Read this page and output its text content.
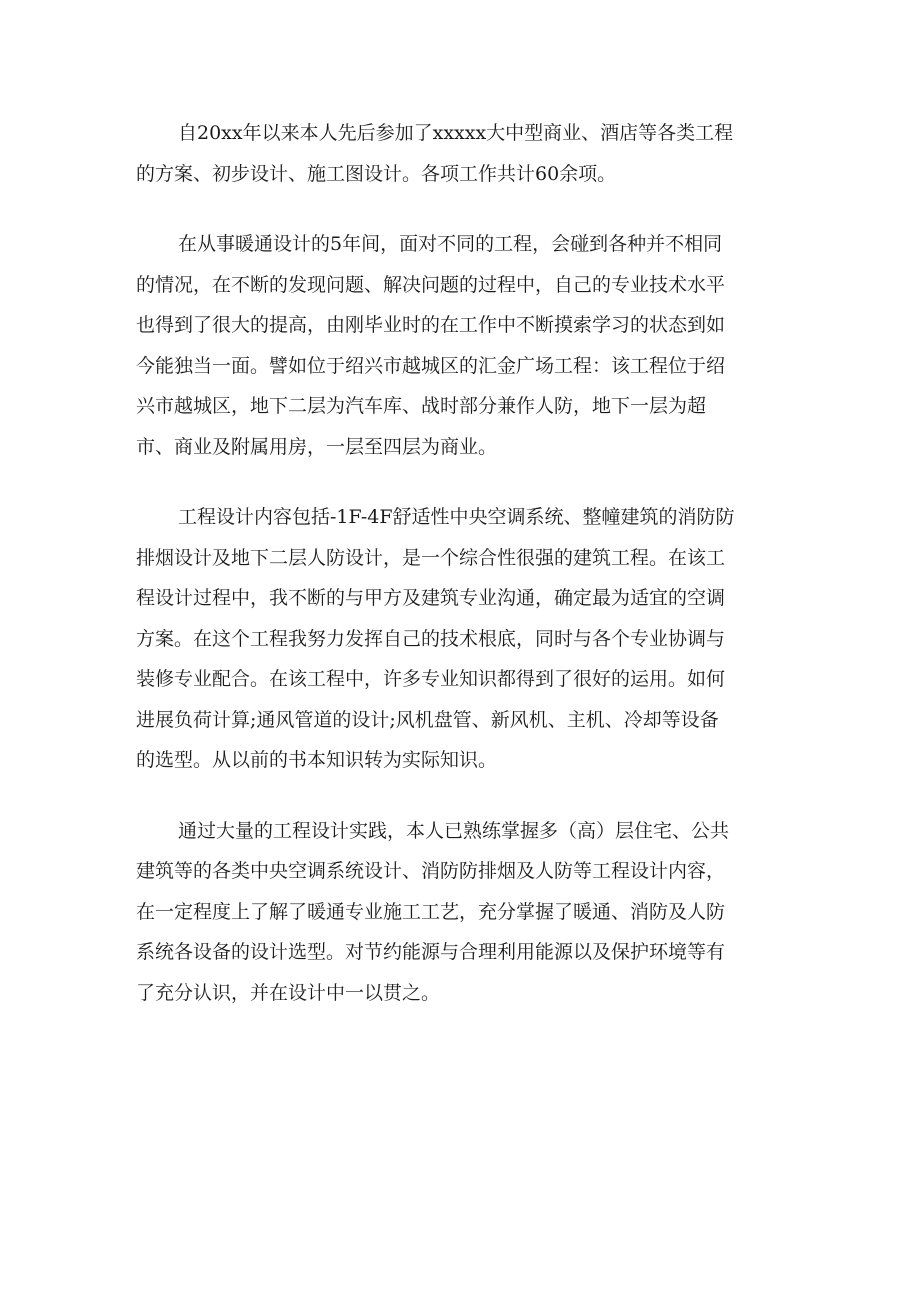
自20xx年以来本人先后参加了xxxxx大中型商业、酒店等各类工程
的方案、初步设计、施工图设计。各项工作共计60余项。

在从事暖通设计的5年间，面对不同的工程，会碰到各种并不相同
的情况，在不断的发现问题、解决问题的过程中，自己的专业技术水平
也得到了很大的提高，由刚毕业时的在工作中不断摸索学习的状态到如
今能独当一面。譬如位于绍兴市越城区的汇金广场工程：该工程位于绍
兴市越城区，地下二层为汽车库、战时部分兼作人防，地下一层为超
市、商业及附属用房，一层至四层为商业。

工程设计内容包括-1F-4F舒适性中央空调系统、整幢建筑的消防防
排烟设计及地下二层人防设计，是一个综合性很强的建筑工程。在该工
程设计过程中，我不断的与甲方及建筑专业沟通，确定最为适宜的空调
方案。在这个工程我努力发挥自己的技术根底，同时与各个专业协调与
装修专业配合。在该工程中，许多专业知识都得到了很好的运用。如何
进展负荷计算;通风管道的设计;风机盘管、新风机、主机、冷却等设备
的选型。从以前的书本知识转为实际知识。

通过大量的工程设计实践，本人已熟练掌握多（高）层住宅、公共
建筑等的各类中央空调系统设计、消防防排烟及人防等工程设计内容，
在一定程度上了解了暖通专业施工工艺，充分掌握了暖通、消防及人防
系统各设备的设计选型。对节约能源与合理利用能源以及保护环境等有
了充分认识，并在设计中一以贯之。
